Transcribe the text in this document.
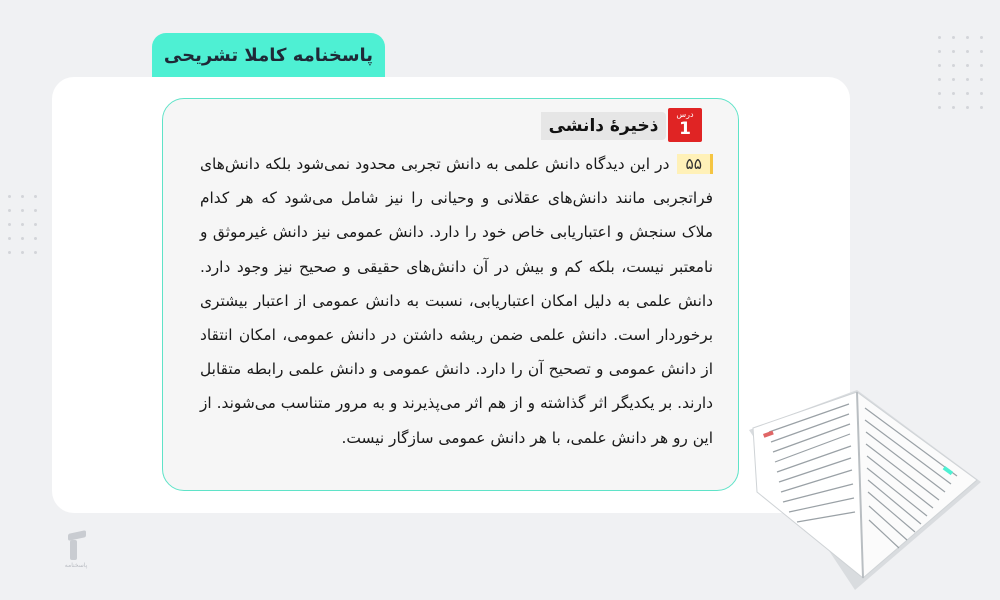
پاسخنامه کاملا تشریحی
ذخیرهٔ دانشی
درس
1
۵۵در این دیدگاه دانش علمی به دانش تجربی محدود نمی‌شود بلکه دانش‌های فراتجربی مانند دانش‌های عقلانی و وحیانی را نیز شامل می‌شود که هر کدام ملاک سنجش و اعتباریابی خاص خود را دارد. دانش عمومی نیز دانش غیرموثق و نامعتبر نیست، بلکه کم و بیش در آن دانش‌های حقیقی و صحیح نیز وجود دارد. دانش علمی به دلیل امکان اعتباریابی، نسبت به دانش عمومی از اعتبار بیشتری برخوردار است. دانش علمی ضمن ریشه داشتن در دانش عمومی، امکان انتقاد از دانش عمومی و تصحیح آن را دارد. دانش عمومی و دانش علمی رابطه متقابل دارند. بر یکدیگر اثر گذاشته و از هم اثر می‌پذیرند و به مرور متناسب می‌شوند. از این رو هر دانش علمی، با هر دانش عمومی سازگار نیست.
پاسخنامه
